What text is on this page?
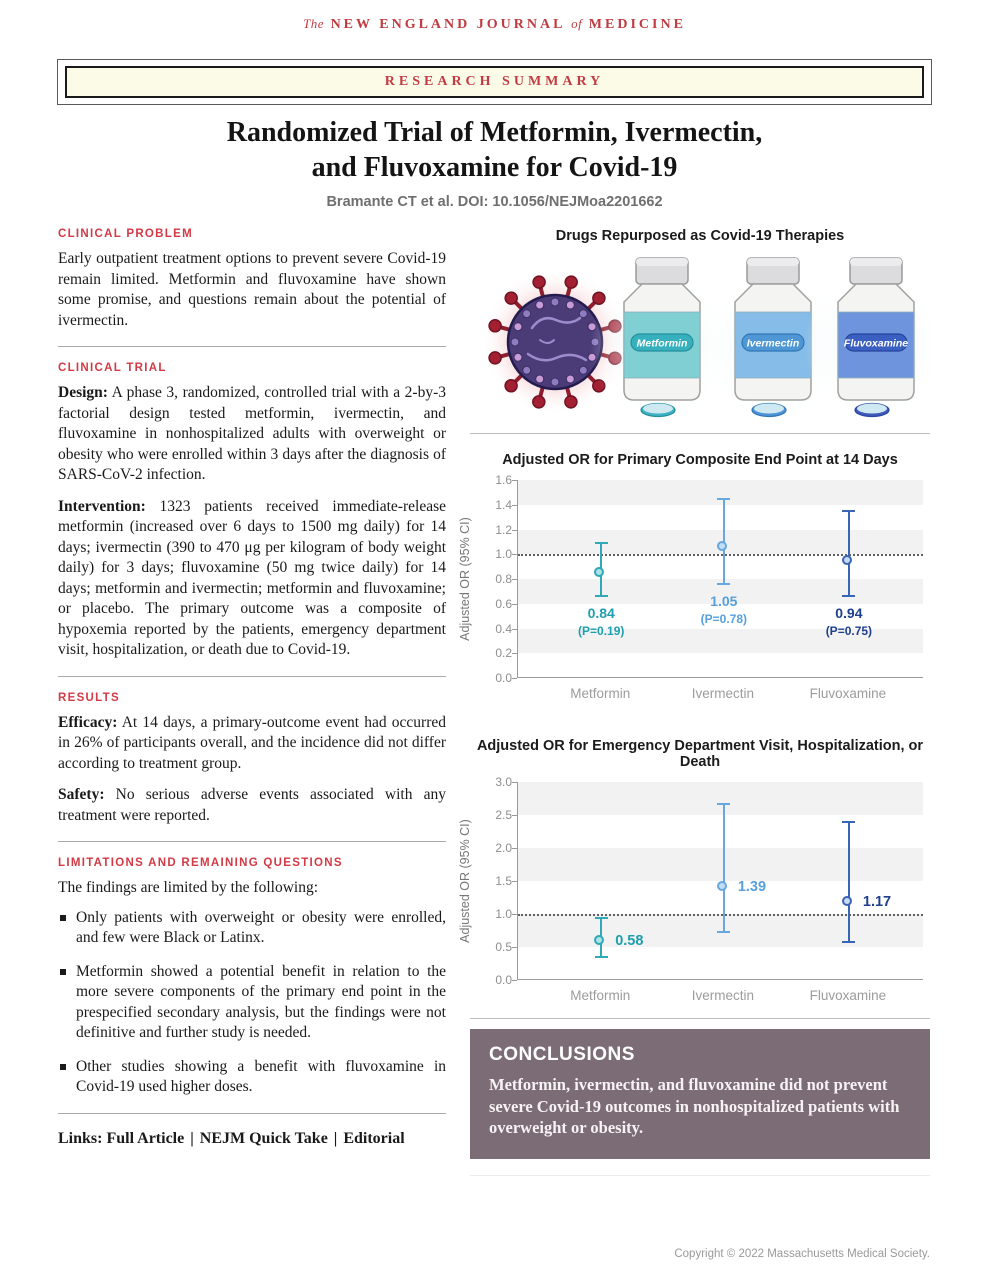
The NEW ENGLAND JOURNAL of MEDICINE
RESEARCH SUMMARY
Randomized Trial of Metformin, Ivermectin,
and Fluvoxamine for Covid-19
Bramante CT et al. DOI: 10.1056/NEJMoa2201662
CLINICAL PROBLEM

Early outpatient treatment options to prevent severe Covid-19 remain limited. Metformin and fluvoxamine have shown some promise, and questions remain about the potential of ivermectin.

CLINICAL TRIAL

Design: A phase 3, randomized, controlled trial with a 2-by-3 factorial design tested metformin, ivermectin, and fluvoxamine in nonhospitalized adults with overweight or obesity who were enrolled within 3 days after the diagnosis of SARS-CoV-2 infection.

Intervention: 1323 patients received immediate-release metformin (increased over 6 days to 1500 mg daily) for 14 days; ivermectin (390 to 470 μg per kilogram of body weight daily) for 3 days; fluvoxamine (50 mg twice daily) for 14 days; metformin and ivermectin; metformin and fluvoxamine; or placebo. The primary outcome was a composite of hypoxemia reported by the patients, emergency department visit, hospitalization, or death due to Covid-19.

RESULTS

Efficacy: At 14 days, a primary-outcome event had occurred in 26% of participants overall, and the incidence did not differ according to treatment group.

Safety: No serious adverse events associated with any treatment were reported.

LIMITATIONS AND REMAINING QUESTIONS

The findings are limited by the following:

Only patients with overweight or obesity were enrolled, and few were Black or Latinx.
Metformin showed a potential benefit in relation to the more severe components of the primary end point in the prespecified secondary analysis, but the findings were not definitive and further study is needed.
Other studies showing a benefit with fluvoxamine in Covid-19 used higher doses.
Links: Full Article | NEJM Quick Take | Editorial
Drugs Repurposed as Covid-19 Therapies
Metformin	Ivermectin	Fluvoxamine
Adjusted OR for Primary Composite End Point at 14 Days
Adjusted OR (95% CI)	0.84
(P=0.19)
1.05
(P=0.78)	0.94
(P=0.75)
0.0
0.2
0.4
0.6
0.8
1.0
1.2
1.4
1.6
Metformin	Ivermectin	Fluvoxamine
Adjusted OR for Emergency Department Visit, Hospitalization, or Death
Adjusted OR (95% CI)	0.58
1.39
1.17
0.0
0.5
1.0
1.5
2.0
2.5
3.0
Metformin	Ivermectin	Fluvoxamine
CONCLUSIONS

Metformin, ivermectin, and fluvoxamine did not prevent severe Covid-19 outcomes in nonhospitalized patients with overweight or obesity.

Copyright © 2022 Massachusetts Medical Society.
